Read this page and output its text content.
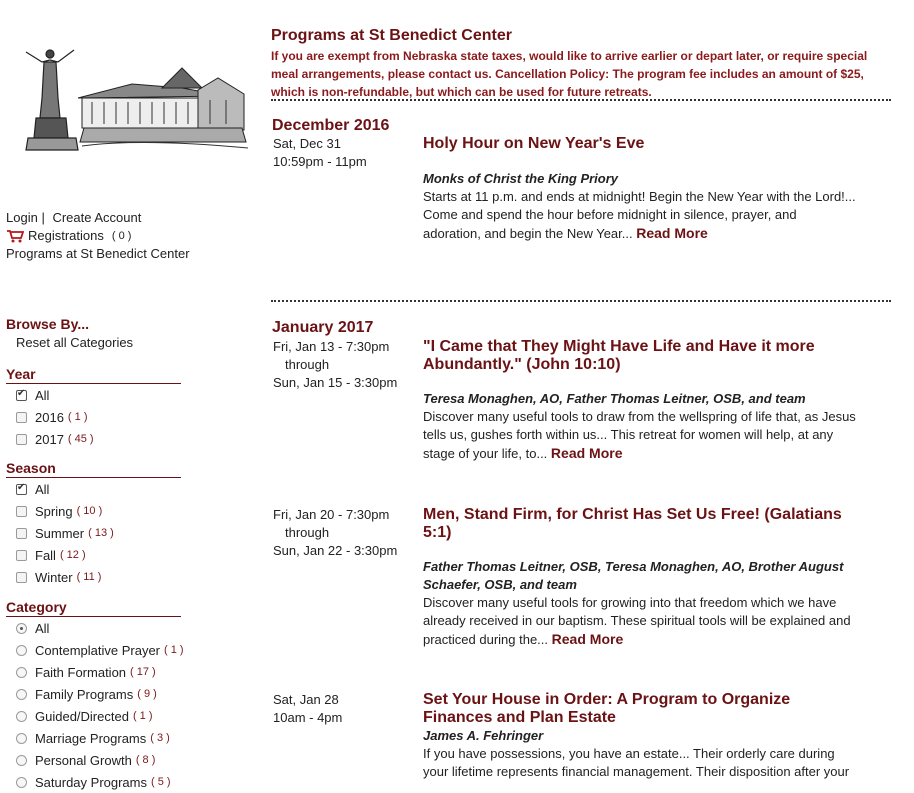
Login | Create Account
Registrations ( 0 )
Programs at St Benedict Center
Browse By...
Reset all Categories
Year
✔
All
2016 ( 1 )
2017 ( 45 )
Season
✔
All
Spring ( 10 )
Summer ( 13 )
Fall ( 12 )
Winter ( 11 )
Category
All
Contemplative Prayer ( 1 )
Faith Formation ( 17 )
Family Programs ( 9 )
Guided/Directed ( 1 )
Marriage Programs ( 3 )
Personal Growth ( 8 )
Saturday Programs ( 5 )
Programs at St Benedict Center
If you are exempt from Nebraska state taxes, would like to arrive earlier or depart later, or require special meal arrangements, please contact us. Cancellation Policy: The program fee includes an amount of $25, which is non-refundable, but which can be used for future retreats.
December 2016
Sat, Dec 31
10:59pm - 11pm
Holy Hour on New Year's Eve
Monks of Christ the King Priory
Starts at 11 p.m. and ends at midnight! Begin the New Year with the Lord!... Come and spend the hour before midnight in silence, prayer, and adoration, and begin the New Year... Read More
January 2017
Fri, Jan 13 - 7:30pm
through
Sun, Jan 15 - 3:30pm
"I Came that They Might Have Life and Have it more Abundantly." (John 10:10)
Teresa Monaghen, AO, Father Thomas Leitner, OSB, and team
Discover many useful tools to draw from the wellspring of life that, as Jesus tells us, gushes forth within us... This retreat for women will help, at any stage of your life, to... Read More
Fri, Jan 20 - 7:30pm
through
Sun, Jan 22 - 3:30pm
Men, Stand Firm, for Christ Has Set Us Free! (Galatians 5:1)
Father Thomas Leitner, OSB, Teresa Monaghen, AO, Brother August Schaefer, OSB, and team
Discover many useful tools for growing into that freedom which we have already received in our baptism. These spiritual tools will be explained and practiced during the... Read More
Sat, Jan 28
10am - 4pm
Set Your House in Order: A Program to Organize Finances and Plan Estate
James A. Fehringer
If you have possessions, you have an estate... Their orderly care during your lifetime represents financial management. Their disposition after your
